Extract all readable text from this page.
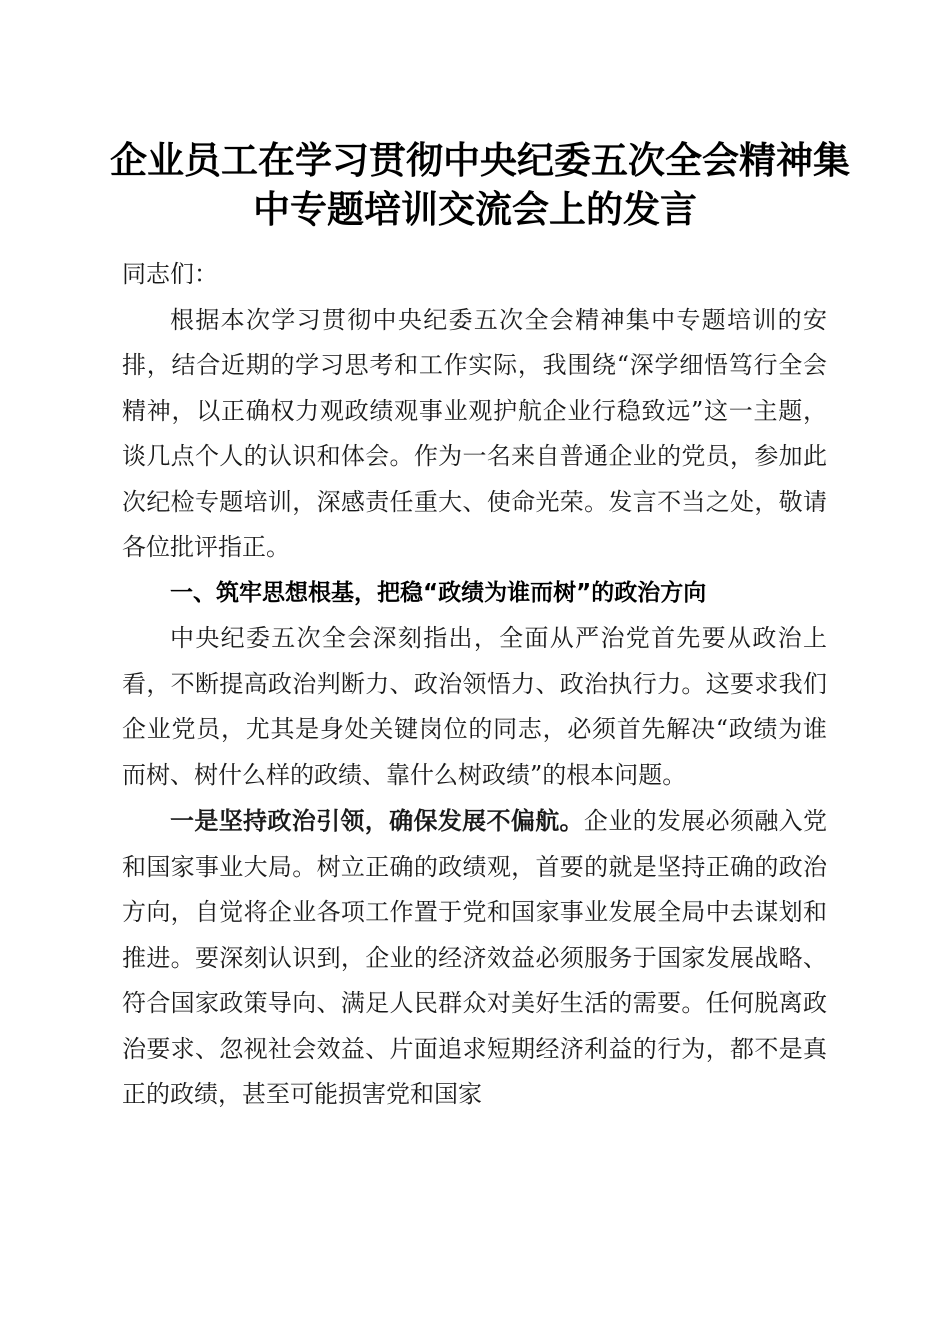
企业员工在学习贯彻中央纪委五次全会精神集
中专题培训交流会上的发言

同志们：

根据本次学习贯彻中央纪委五次全会精神集中专题培训的安排，结合近期的学习思考和工作实际，我围绕“深学细悟笃行全会精神，以正确权力观政绩观事业观护航企业行稳致远”这一主题，谈几点个人的认识和体会。作为一名来自普通企业的党员，参加此次纪检专题培训，深感责任重大、使命光荣。发言不当之处，敬请各位批评指正。

一、筑牢思想根基，把稳“政绩为谁而树”的政治方向

中央纪委五次全会深刻指出，全面从严治党首先要从政治上看，不断提高政治判断力、政治领悟力、政治执行力。这要求我们企业党员，尤其是身处关键岗位的同志，必须首先解决“政绩为谁而树、树什么样的政绩、靠什么树政绩”的根本问题。

一是坚持政治引领，确保发展不偏航。企业的发展必须融入党和国家事业大局。树立正确的政绩观，首要的就是坚持正确的政治方向，自觉将企业各项工作置于党和国家事业发展全局中去谋划和推进。要深刻认识到，企业的经济效益必须服务于国家发展战略、符合国家政策导向、满足人民群众对美好生活的需要。任何脱离政治要求、忽视社会效益、片面追求短期经济利益的行为，都不是真正的政绩，甚至可能损害党和国家
